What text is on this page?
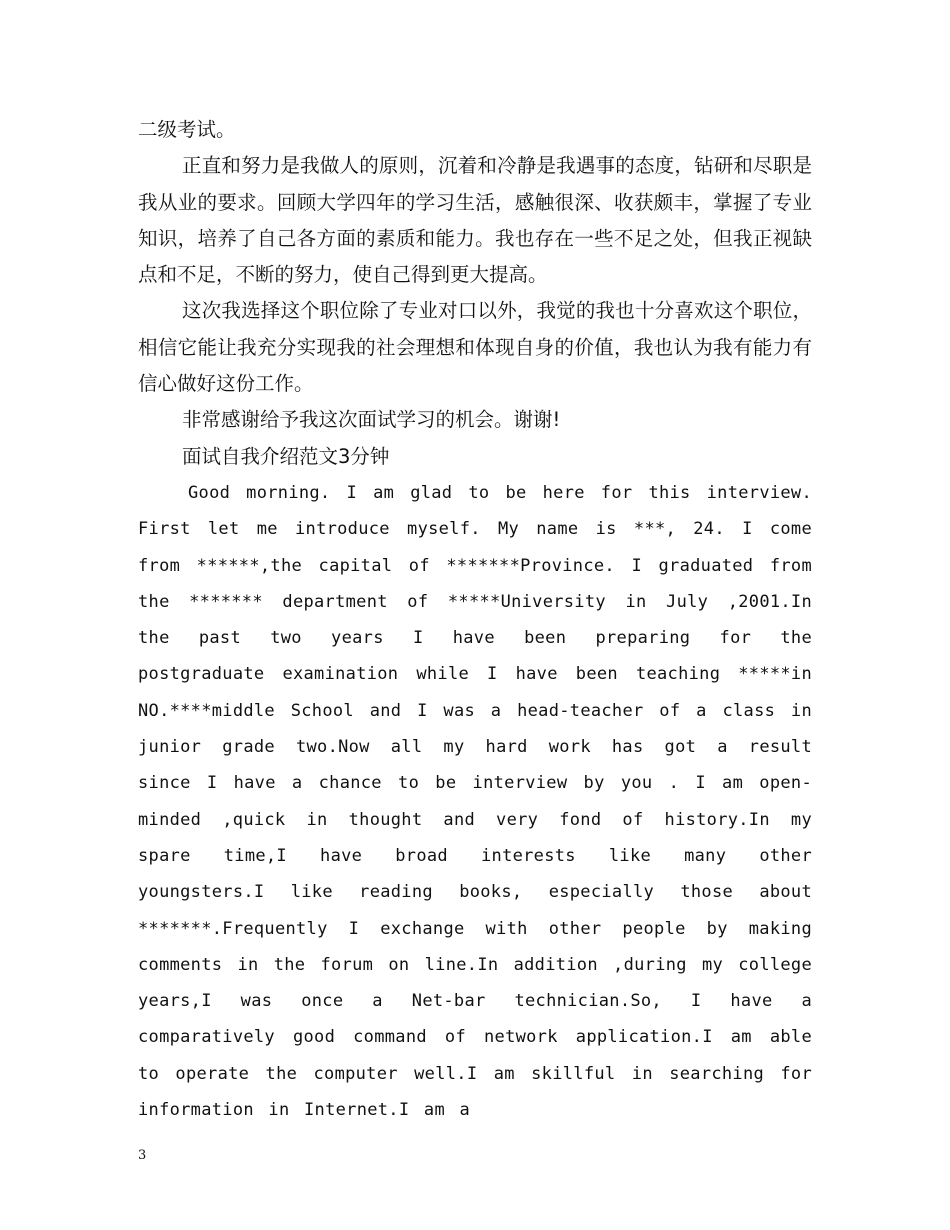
二级考试。

正直和努力是我做人的原则，沉着和冷静是我遇事的态度，钻研和尽职是我从业的要求。回顾大学四年的学习生活，感触很深、收获颇丰，掌握了专业知识，培养了自己各方面的素质和能力。我也存在一些不足之处，但我正视缺点和不足，不断的努力，使自己得到更大提高。

这次我选择这个职位除了专业对口以外，我觉的我也十分喜欢这个职位，相信它能让我充分实现我的社会理想和体现自身的价值，我也认为我有能力有信心做好这份工作。

非常感谢给予我这次面试学习的机会。谢谢!

面试自我介绍范文3分钟

Good morning. I am glad to be here for this interview. First let me introduce myself. My name is ***, 24. I come from ******,the capital of *******Province. I graduated from the ******* department of *****University in July ,2001.In the past two years I have been preparing for the postgraduate examination while I have been teaching *****in NO.****middle School and I was a head-teacher of a class in junior grade two.Now all my hard work has got a result since I have a chance to be interview by you . I am open-minded ,quick in thought and very fond of history.In my spare time,I have broad interests like many other youngsters.I like reading books, especially those about *******.Frequently I exchange with other people by making comments in the forum on line.In addition ,during my college years,I was once a Net-bar technician.So, I have a comparatively good command of network application.I am able to operate the computer well.I am skillful in searching for information in Internet.I am a

3
